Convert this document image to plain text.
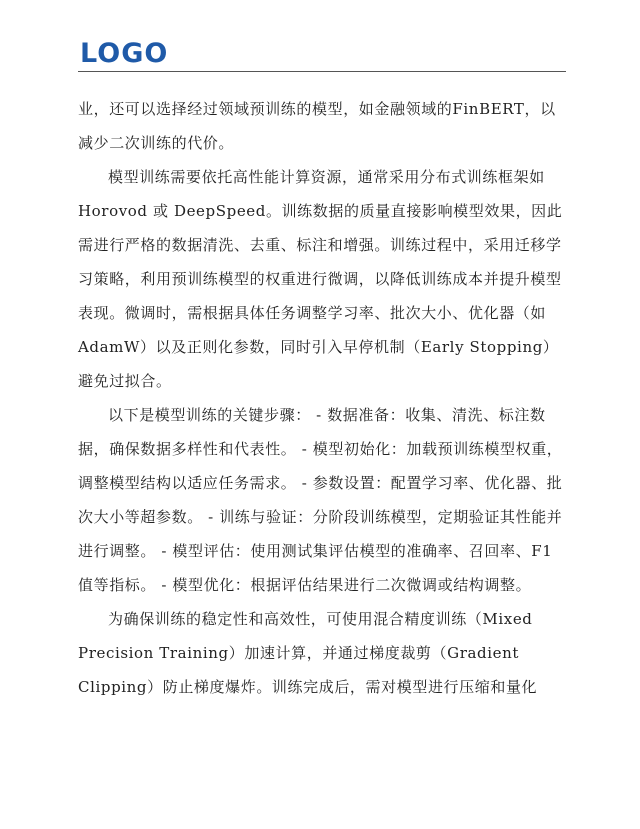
LOGO

业，还可以选择经过领域预训练的模型，如金融领域的FinBERT，以减少二次训练的代价。

模型训练需要依托高性能计算资源，通常采用分布式训练框架如 Horovod 或 DeepSpeed。训练数据的质量直接影响模型效果，因此需进行严格的数据清洗、去重、标注和增强。训练过程中，采用迁移学习策略，利用预训练模型的权重进行微调，以降低训练成本并提升模型表现。微调时，需根据具体任务调整学习率、批次大小、优化器（如 AdamW）以及正则化参数，同时引入早停机制（Early Stopping）避免过拟合。

以下是模型训练的关键步骤： - 数据准备：收集、清洗、标注数据，确保数据多样性和代表性。 - 模型初始化：加载预训练模型权重，调整模型结构以适应任务需求。 - 参数设置：配置学习率、优化器、批次大小等超参数。 - 训练与验证：分阶段训练模型，定期验证其性能并进行调整。 - 模型评估：使用测试集评估模型的准确率、召回率、F1 值等指标。 - 模型优化：根据评估结果进行二次微调或结构调整。

为确保训练的稳定性和高效性，可使用混合精度训练（Mixed Precision Training）加速计算，并通过梯度裁剪（Gradient Clipping）防止梯度爆炸。训练完成后，需对模型进行压缩和量化
